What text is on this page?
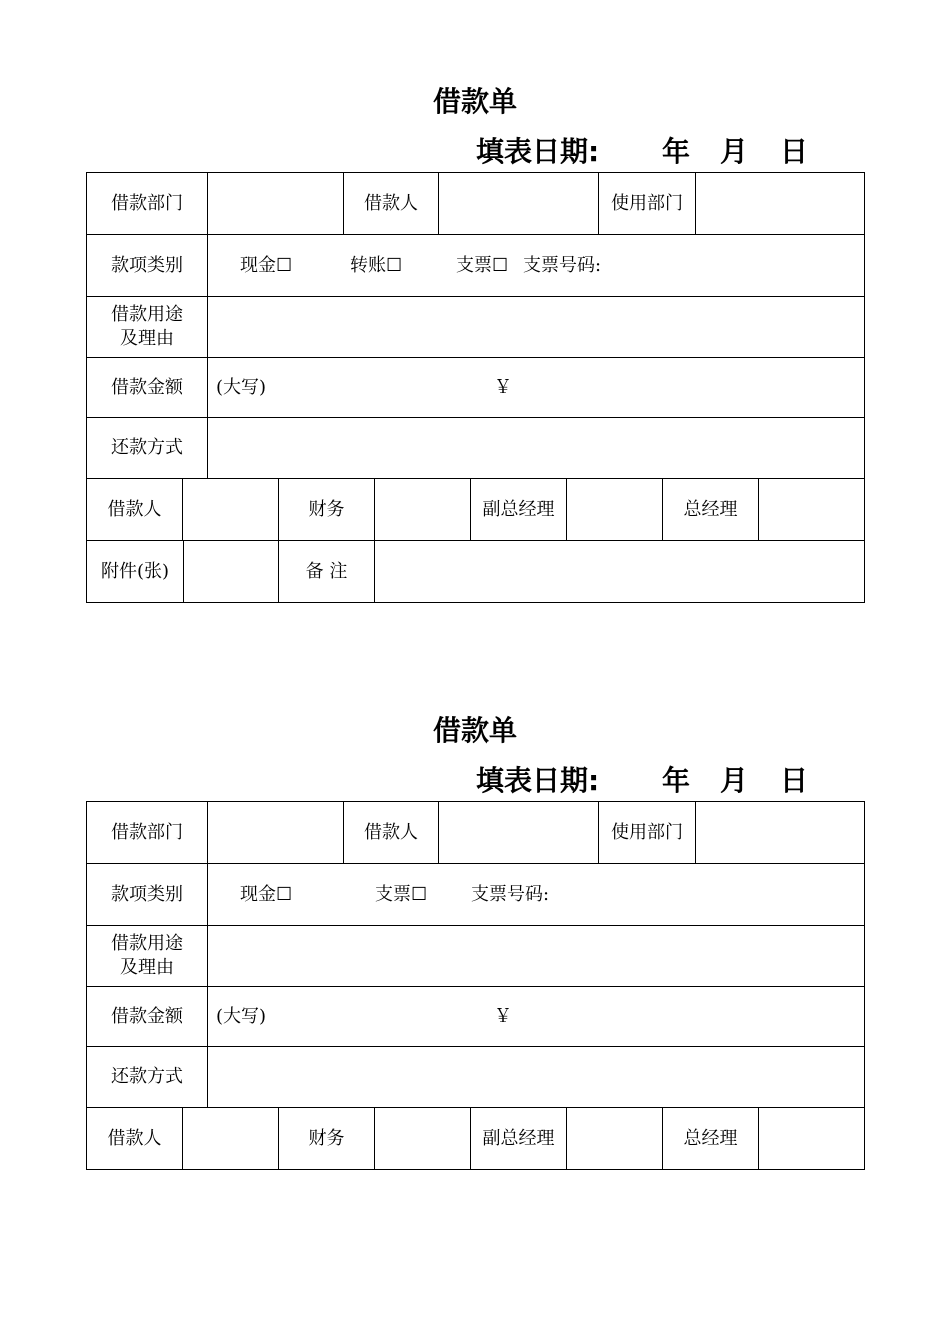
借款单
填表日期: 年 月 日
借款部门		借款人		使用部门	
款项类别	现金☐ 转账☐ 支票☐ 支票号码:				

借款用途
及理由					

借款金额	(大写) ￥				

还款方式					

借款人 财务 副总经理 总经理					

附件(张) 备 注					
借款单
填表日期: 年 月 日
借款部门		借款人		使用部门	
款项类别	现金☐ 支票☐ 支票号码:				

借款用途
及理由					

借款金额	(大写) ￥				

还款方式					

借款人 财务 副总经理 总经理					
